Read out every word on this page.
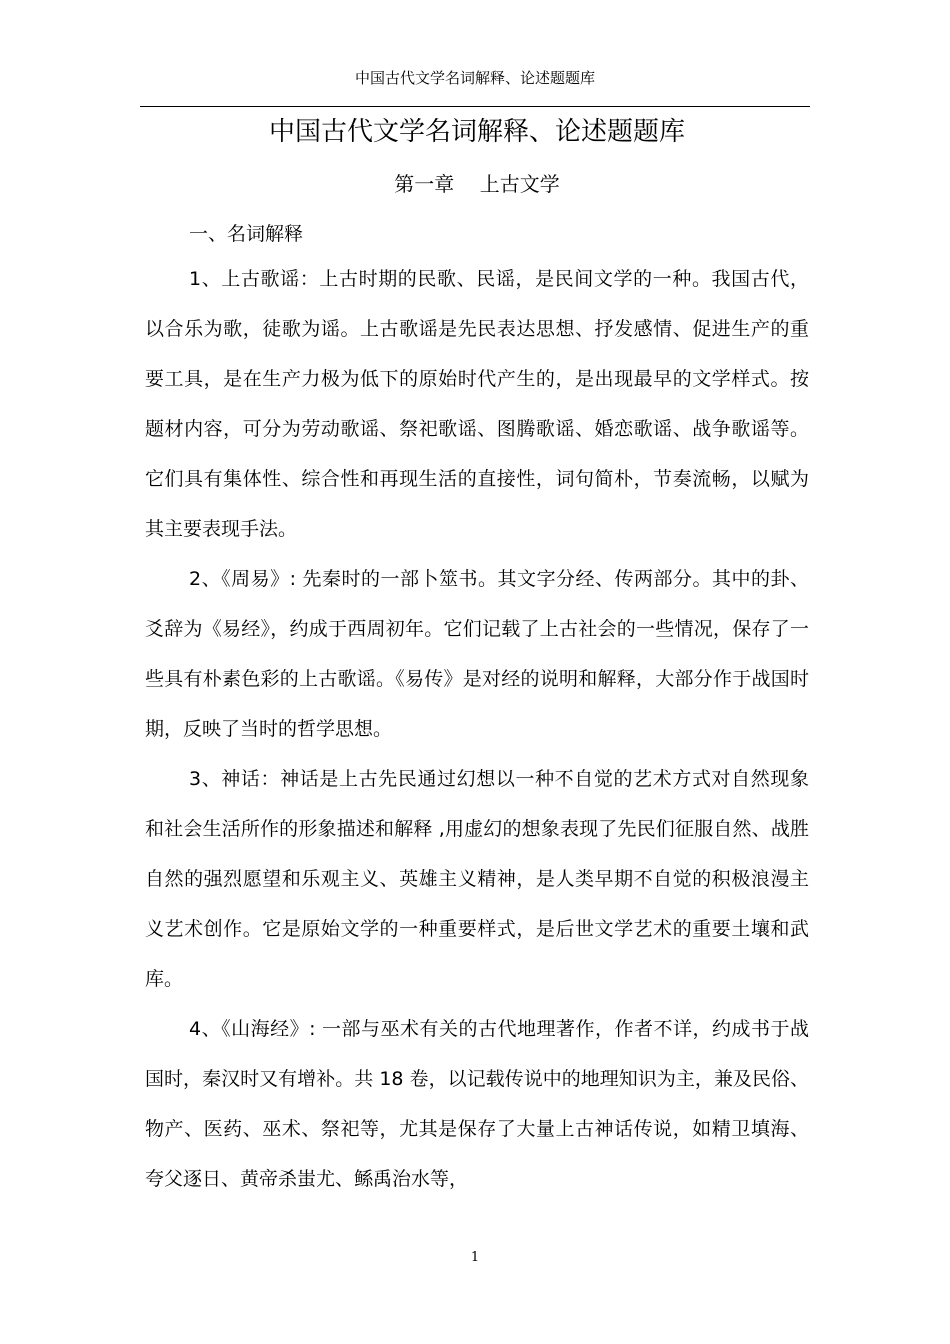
中国古代文学名词解释、论述题题库
中国古代文学名词解释、论述题题库
第一章    上古文学
一、名词解释

1、上古歌谣：上古时期的民歌、民谣，是民间文学的一种。我国古代，以合乐为歌，徒歌为谣。上古歌谣是先民表达思想、抒发感情、促进生产的重要工具，是在生产力极为低下的原始时代产生的，是出现最早的文学样式。按题材内容，可分为劳动歌谣、祭祀歌谣、图腾歌谣、婚恋歌谣、战争歌谣等。它们具有集体性、综合性和再现生活的直接性，词句简朴，节奏流畅，以赋为其主要表现手法。

2、《周易》: 先秦时的一部卜筮书。其文字分经、传两部分。其中的卦、爻辞为《易经》，约成于西周初年。它们记载了上古社会的一些情况，保存了一些具有朴素色彩的上古歌谣。《易传》是对经的说明和解释，大部分作于战国时期，反映了当时的哲学思想。

3、神话：神话是上古先民通过幻想以一种不自觉的艺术方式对自然现象和社会生活所作的形象描述和解释 ,用虚幻的想象表现了先民们征服自然、战胜自然的强烈愿望和乐观主义、英雄主义精神，是人类早期不自觉的积极浪漫主义艺术创作。它是原始文学的一种重要样式，是后世文学艺术的重要土壤和武库。

4、《山海经》: 一部与巫术有关的古代地理著作，作者不详，约成书于战国时，秦汉时又有增补。共 18 卷，以记载传说中的地理知识为主，兼及民俗、物产、医药、巫术、祭祀等，尤其是保存了大量上古神话传说，如精卫填海、夸父逐日、黄帝杀蚩尤、鲧禹治水等，

1
